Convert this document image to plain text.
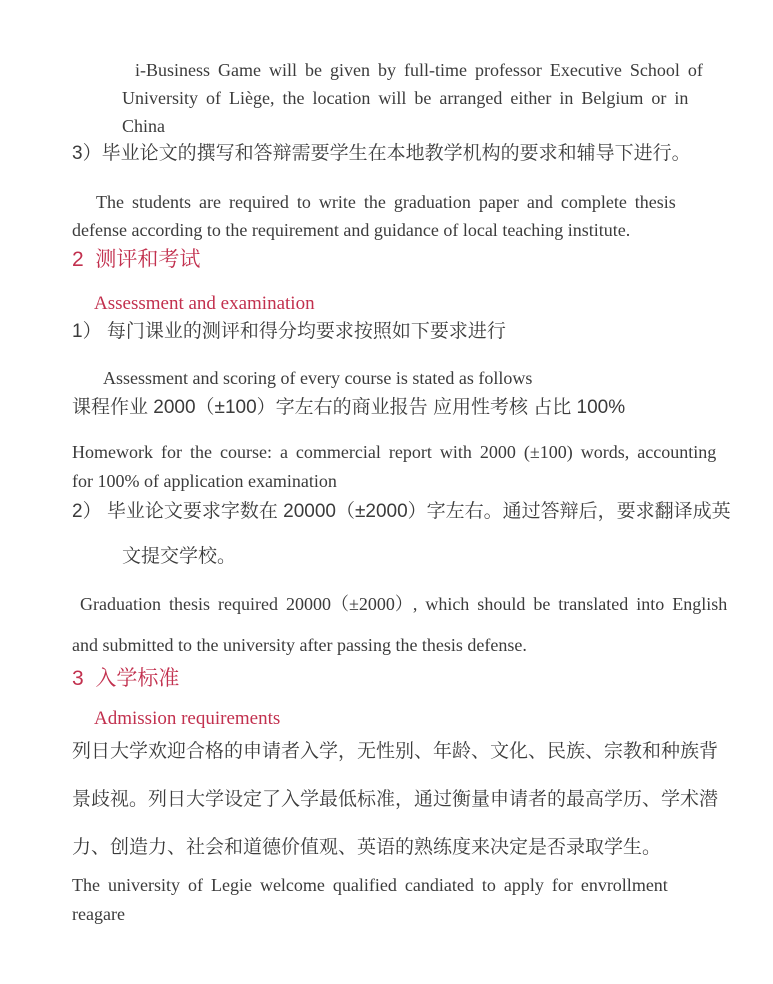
i-Business Game will be given by full-time professor Executive School of
University of Liège, the location will be arranged either in Belgium or in
China
3）毕业论文的撰写和答辩需要学生在本地教学机构的要求和辅导下进行。
The students are required to write the graduation paper and complete thesis
defense according to the requirement and guidance of local teaching institute.
2  测评和考试
Assessment and examination
1） 每门课业的测评和得分均要求按照如下要求进行
Assessment and scoring of every course is stated as follows
课程作业 2000（±100）字左右的商业报告 应用性考核 占比 100%
Homework for the course: a commercial report with 2000 (±100) words, accounting
for 100% of application examination
2） 毕业论文要求字数在 20000（±2000）字左右。通过答辩后，要求翻译成英
文提交学校。
Graduation thesis required 20000（±2000）, which should be translated into English
and submitted to the university after passing the thesis defense.
3  入学标准
Admission requirements
列日大学欢迎合格的申请者入学，无性别、年龄、文化、民族、宗教和种族背
景歧视。列日大学设定了入学最低标准，通过衡量申请者的最高学历、学术潜
力、创造力、社会和道德价值观、英语的熟练度来决定是否录取学生。
The university of Legie welcome qualified candiated to apply for envrollment
reagare
